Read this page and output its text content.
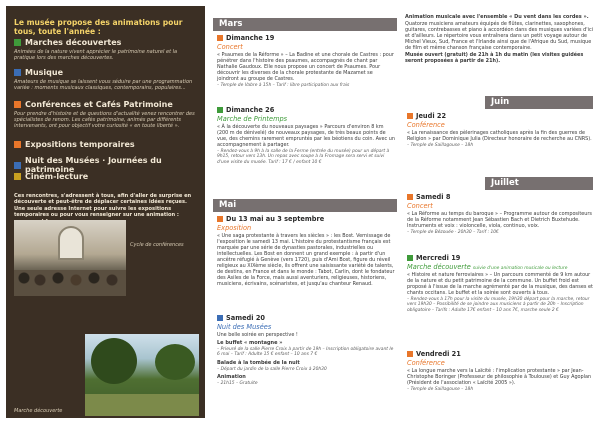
Le musée propose des animations pour tous, toute l'année :
Marches découvertes
Animées de la nature vivent apprécier le patrimoine naturel et la pratique lors des marches découvertes.
Musique
Amateurs de musique se laissent vous séduire par une programmation variée : moments musicaux classiques, contemporains, populaires...
Conférences et Cafés Patrimoine
Pour prendre d'histoire et de questions d'actualité venez rencontrer des spécialistes de renom. Les cafés patrimoine, animés par différents intervenants, ont pour objectif votre curiosité « en toute liberté ».
Expositions temporaires
Nuit des Musées · Journées du patrimoine
Ciném-lecture
Ces rencontres, s'adressent à tous, afin d'aller de surprise en découverte et peut-être de déplacer certaines idées reçues. Une seule adresse Internet pour suivre les expositions temporaires ou pour vous renseigner sur une animation :
Cycle de conférences
Marche découverte
Mars
Dimanche 19
Concert
« Psaumes de la Réforme » – La Badine et une chorale de Castres : pour pénétrer dans l'histoire des psaumes, accompagnés de chant par Nathalie Gaudoux. Elle nous propose un concert de Psaumes. Pour découvrir les diverses de la chorale protestante de Mazamet se joindront au groupe de Castres.
– Temple de Vabre à 15h – Tarif : libre participation aux frais
Dimanche 26
Marche de Printemps
« À la découverte du nouveaux paysages » Parcours d'environ 8 km (200 m de dénivelé) de nouveaux paysages, de très beaux points de vue, des chemins rarement empruntés par les béotiens du coin. Avec un accompagnement à partager.
– Rendez-vous à 9h à la salle de la Ferme (entrée du musée) pour un départ à 9h15, retour vers 13h. Un repas avec soupe à la Fromage sera servi et suivi d'une visite du musée. Tarif : 17 € / enfant 10 €
Mai
Du 13 mai au 3 septembre
Exposition
« Une saga protestante à travers les siècles » : les Bost. Vernissage de l'exposition le samedi 13 mai. L'histoire du protestantisme français est marquée par une série de dynasties pastorales, industrielles ou intellectuelles. Les Bost en donnent un grand exemple : à partir d'un ancêtre réfugié à Genève (vers 1720), puis d'Ami Bost, figure du réveil religieux au XIXème siècle, ils offrent une saisissante variété de talents, de destins, en France et dans le monde : Tabot, Carlin, dont le fondateur des Asiles de la Force, mais aussi aventuriers, religieuses, historiens, musiciens, écrivains, scénaristes, et jusqu'au chanteur Renaud.
Samedi 20
Nuit des Musées
Une belle soirée en perspective !
Le buffet « montagne »
– Prieuré de la salle Pierre Croix à partir de 19h – Inscription obligatoire avant le 6 mai – Tarif : Adulte 15 € enfant – 10 ans 7 €
Balade à la tombée de la nuit
– Départ du jardin de la salle Pierre Croix à 20h30
Animation
– 21h15 – Gratuite
Animation musicale avec l'ensemble « Du vent dans les cordes ».
Quatorze musiciens amateurs équipés de flûtes, clarinettes, saxophones, guitares, contrebasses et piano à accordéon dans des musiques variées d'ici et d'ailleurs. Le répertoire vous entraînera dans un petit voyage autour de Michel Vieux, Sud, France et l'Irlande ainsi que de l'Afrique du Sud, musique de film et même chanson française contemporaine.
Musée ouvert (gratuit) de 21h à 1h du matin (les visites guidées seront proposées à partir de 21h).
Juin
Jeudi 22
Conférence
« La renaissance des pèlerinages catholiques après la fin des guerres de Religion » par Dominique Julia (Directeur honoraire de recherche au CNRS).
– Temple de Saillagouse – 18h
Juillet
Samedi 8
Concert
« La Réforme au temps du baroque » – Programme autour de compositeurs de la Réforme notamment Jean Sébastien Bach et Dietrich Buxtehude. Instruments et voix : violoncelle, viola, continuo, voix.
– Temple de Bézouée · 20h30 – Tarif : 10€
Mercredi 19
Marche découverte suivie d'une animation musicale ou lecture
« Histoire et nature ferroviaires » – Un parcours commenté de 9 km autour de la nature et du petit patrimoine de la commune. Un buffet froid est proposé à l'issue de la marche agrémenté par de la musique, des danses et chants occitans. Le buffet et la soirée sont ouverts à tous.
– Rendez-vous à 17h pour la visite du musée, 19h30 départ pour la marche, retour vers 19h30 – Possibilité de se joindre aux musiciens à partir de 20h – Inscription obligatoire – Tarifs : Adulte 17€ enfant – 10 ans 7€, marche seule 2 €
Vendredi 21
Conférence
« La longue marche vers la Laïcité : l'implication protestante » par Jean-Christophe Boringer (Professeur de philosophie à Toulouse) et Guy Agoplan (Président de l'association « Laïcité 2005 »).
– Temple de Saillagouse – 18h
